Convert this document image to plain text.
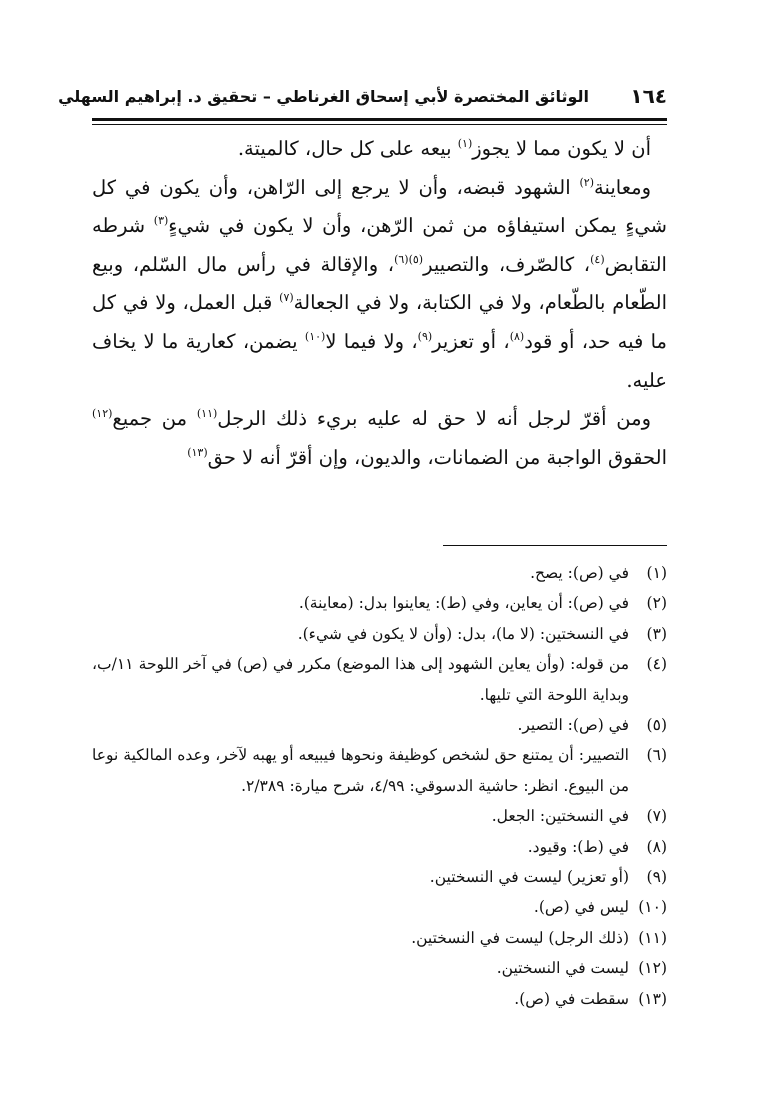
١٦٤
الوثائق المختصرة لأبي إسحاق الغرناطي – تحقيق د. إبراهيم السهلي

أن لا يكون مما لا يجوز$^{(١)}$ بيعه على كل حال، كالميتة.

ومعاينة$^{(٢)}$ الشهود قبضه، وأن لا يرجع إلى الرّاهن، وأن يكون في كل شيءٍ يمكن استيفاؤه من ثمن الرّهن، وأن لا يكون في شيءٍ$^{(٣)}$ شرطه التقابض$^{(٤)}$، كالصّرف، والتصيير$^{(٥)(٦)}$، والإقالة في رأس مال السّلم، وبيع الطّعام بالطّعام، ولا في الكتابة، ولا في الجعالة$^{(٧)}$ قبل العمل، ولا في كل ما فيه حد، أو قود$^{(٨)}$، أو تعزير$^{(٩)}$، ولا فيما لا$^{(١٠)}$ يضمن، كعارية ما لا يخاف عليه.

ومن أقرّ لرجل أنه لا حق له عليه بريء ذلك الرجل$^{(١١)}$ من جميع$^{(١٢)}$ الحقوق الواجبة من الضمانات، والديون، وإن أقرّ أنه لا حق$^{(١٣)}$

(١)
في (ص): يصح.
(٢)
في (ص): أن يعاين، وفي (ط): يعاينوا بدل: (معاينة).
(٣)
في النسختين: (لا ما)، بدل: (وأن لا يكون في شيء).
(٤)
من قوله: (وأن يعاين الشهود إلى هذا الموضع) مكرر في (ص) في آخر اللوحة ١١/ب، وبداية اللوحة التي تليها.
(٥)
في (ص): التصير.
(٦)
التصيير: أن يمتنع حق لشخص كوظيفة ونحوها فيبيعه أو يهبه لآخر، وعده المالكية نوعا من البيوع. انظر: حاشية الدسوقي: ٤/٩٩، شرح ميارة: ٢/٣٨٩.
(٧)
في النسختين: الجعل.
(٨)
في (ط): وقيود.
(٩)
(أو تعزير) ليست في النسختين.
(١٠)
ليس في (ص).
(١١)
(ذلك الرجل) ليست في النسختين.
(١٢)
ليست في النسختين.
(١٣)
سقطت في (ص).
